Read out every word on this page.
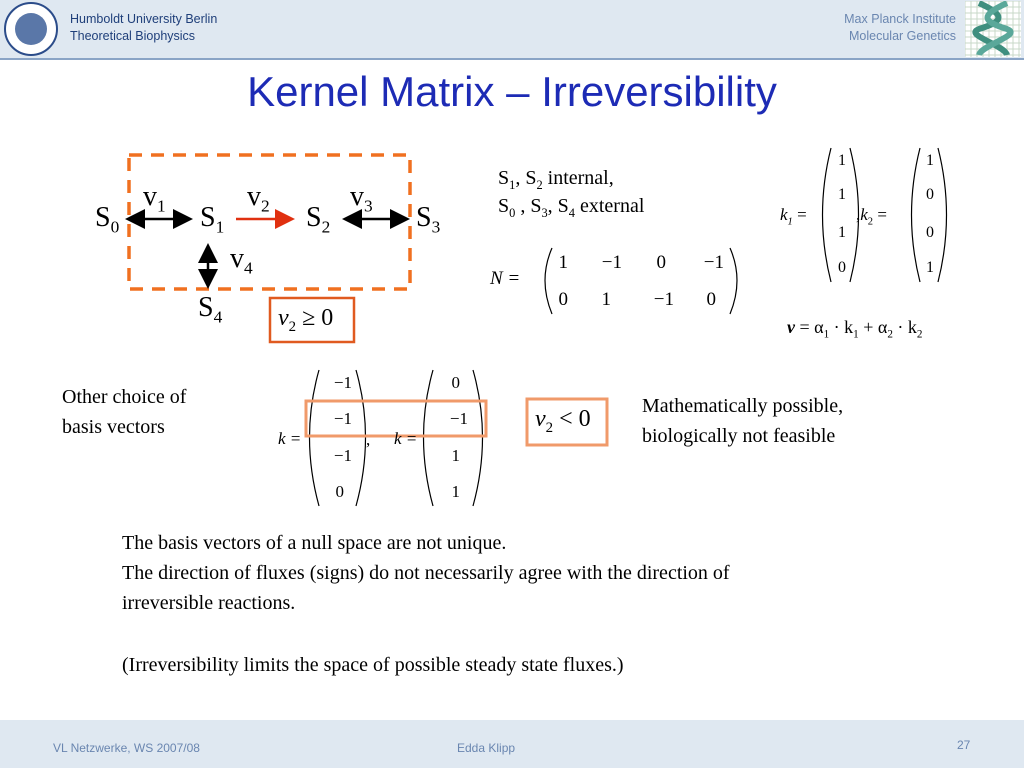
Humboldt University Berlin
Theoretical Biophysics
Max Planck Institute
Molecular Genetics
Kernel Matrix – Irreversibility
$S_0$	$S_1$	$S_2$	$S_3$
$S_4$
$v_1$	$v_2$	$v_3$
$v_4$
$v_2 \ge 0$
$S_1$, $S_2$ internal,
$S_0$ , $S_3$, $S_4$ external
N =
1	−1	0	−1
0	1	−1	0
$k_1$ =
1
1
1
0
$,k_2$ =
1
0
0
1
$v = \alpha_1 \cdot k_1 + \alpha_2 \cdot k_2$
Other choice of
basis vectors
k =
−1
−1
−1
0
, k =
0
−1
1
1
$v_2 < 0$	Mathematically possible,
biologically not feasible
The basis vectors of a null space are not unique.
The direction of fluxes (signs) do not necessarily agree with the direction of
irreversible reactions.
(Irreversibility limits the space of possible steady state fluxes.)
VL Netzwerke, WS 2007/08	Edda Klipp	27
